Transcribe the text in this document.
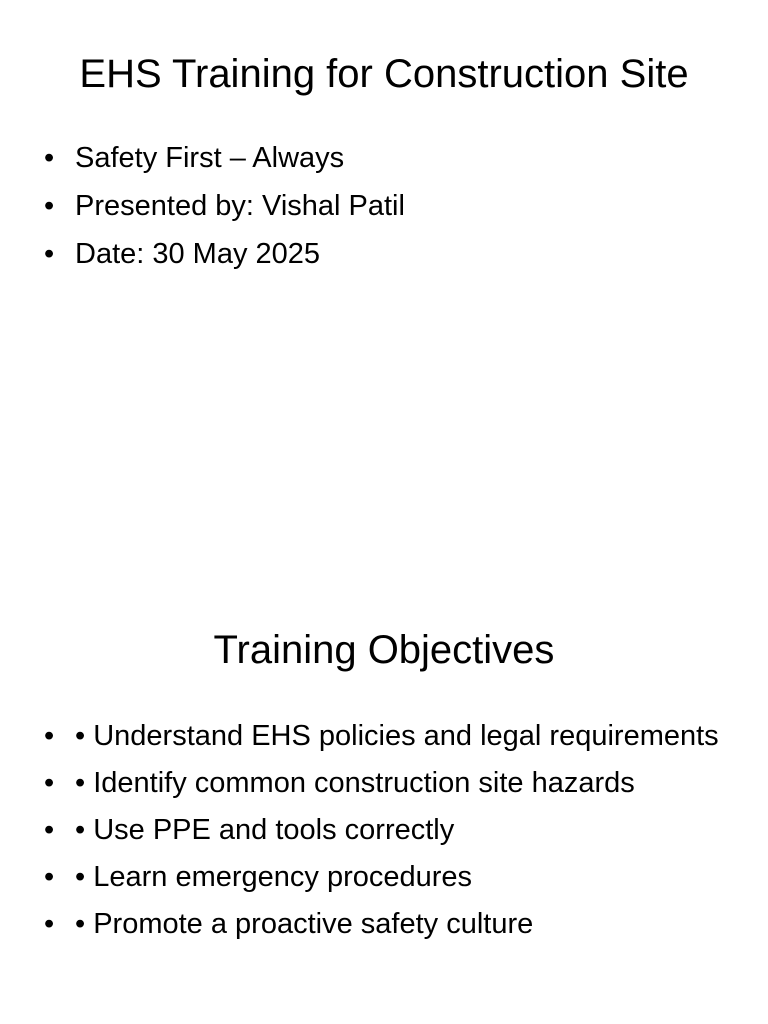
EHS Training for Construction Site
• Safety First – Always
• Presented by: Vishal Patil
• Date: 30 May 2025
Training Objectives
• • Understand EHS policies and legal requirements
• • Identify common construction site hazards
• • Use PPE and tools correctly
• • Learn emergency procedures
• • Promote a proactive safety culture
